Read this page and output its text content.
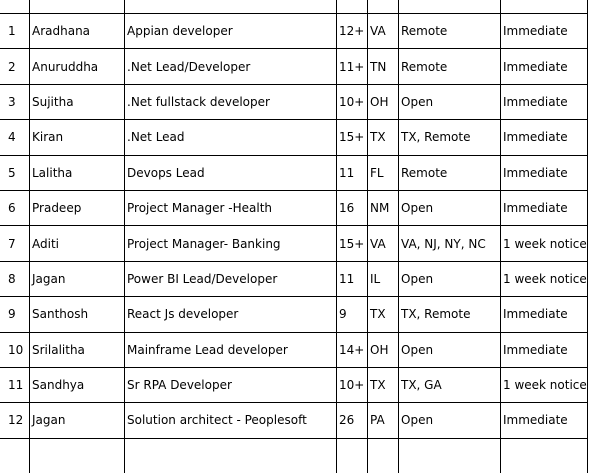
1	Aradhana	Appian developer	12+	VA	Remote	Immediate
2	Anuruddha	.Net Lead/Developer	11+	TN	Remote	Immediate
3	Sujitha	.Net fullstack developer	10+	OH	Open	Immediate
4	Kiran	.Net Lead	15+	TX	TX, Remote	Immediate
5	Lalitha	Devops Lead	11	FL	Remote	Immediate
6	Pradeep	Project Manager -Health	16	NM	Open	Immediate
7	Aditi	Project Manager- Banking	15+	VA	VA, NJ, NY, NC	1 week notice
8	Jagan	Power BI Lead/Developer	11	IL	Open	1 week notice
9	Santhosh	React Js developer	9	TX	TX, Remote	Immediate
10	Srilalitha	Mainframe Lead developer	14+	OH	Open	Immediate
11	Sandhya	Sr RPA Developer	10+	TX	TX, GA	1 week notice
12	Jagan	Solution architect - Peoplesoft	26	PA	Open	Immediate
